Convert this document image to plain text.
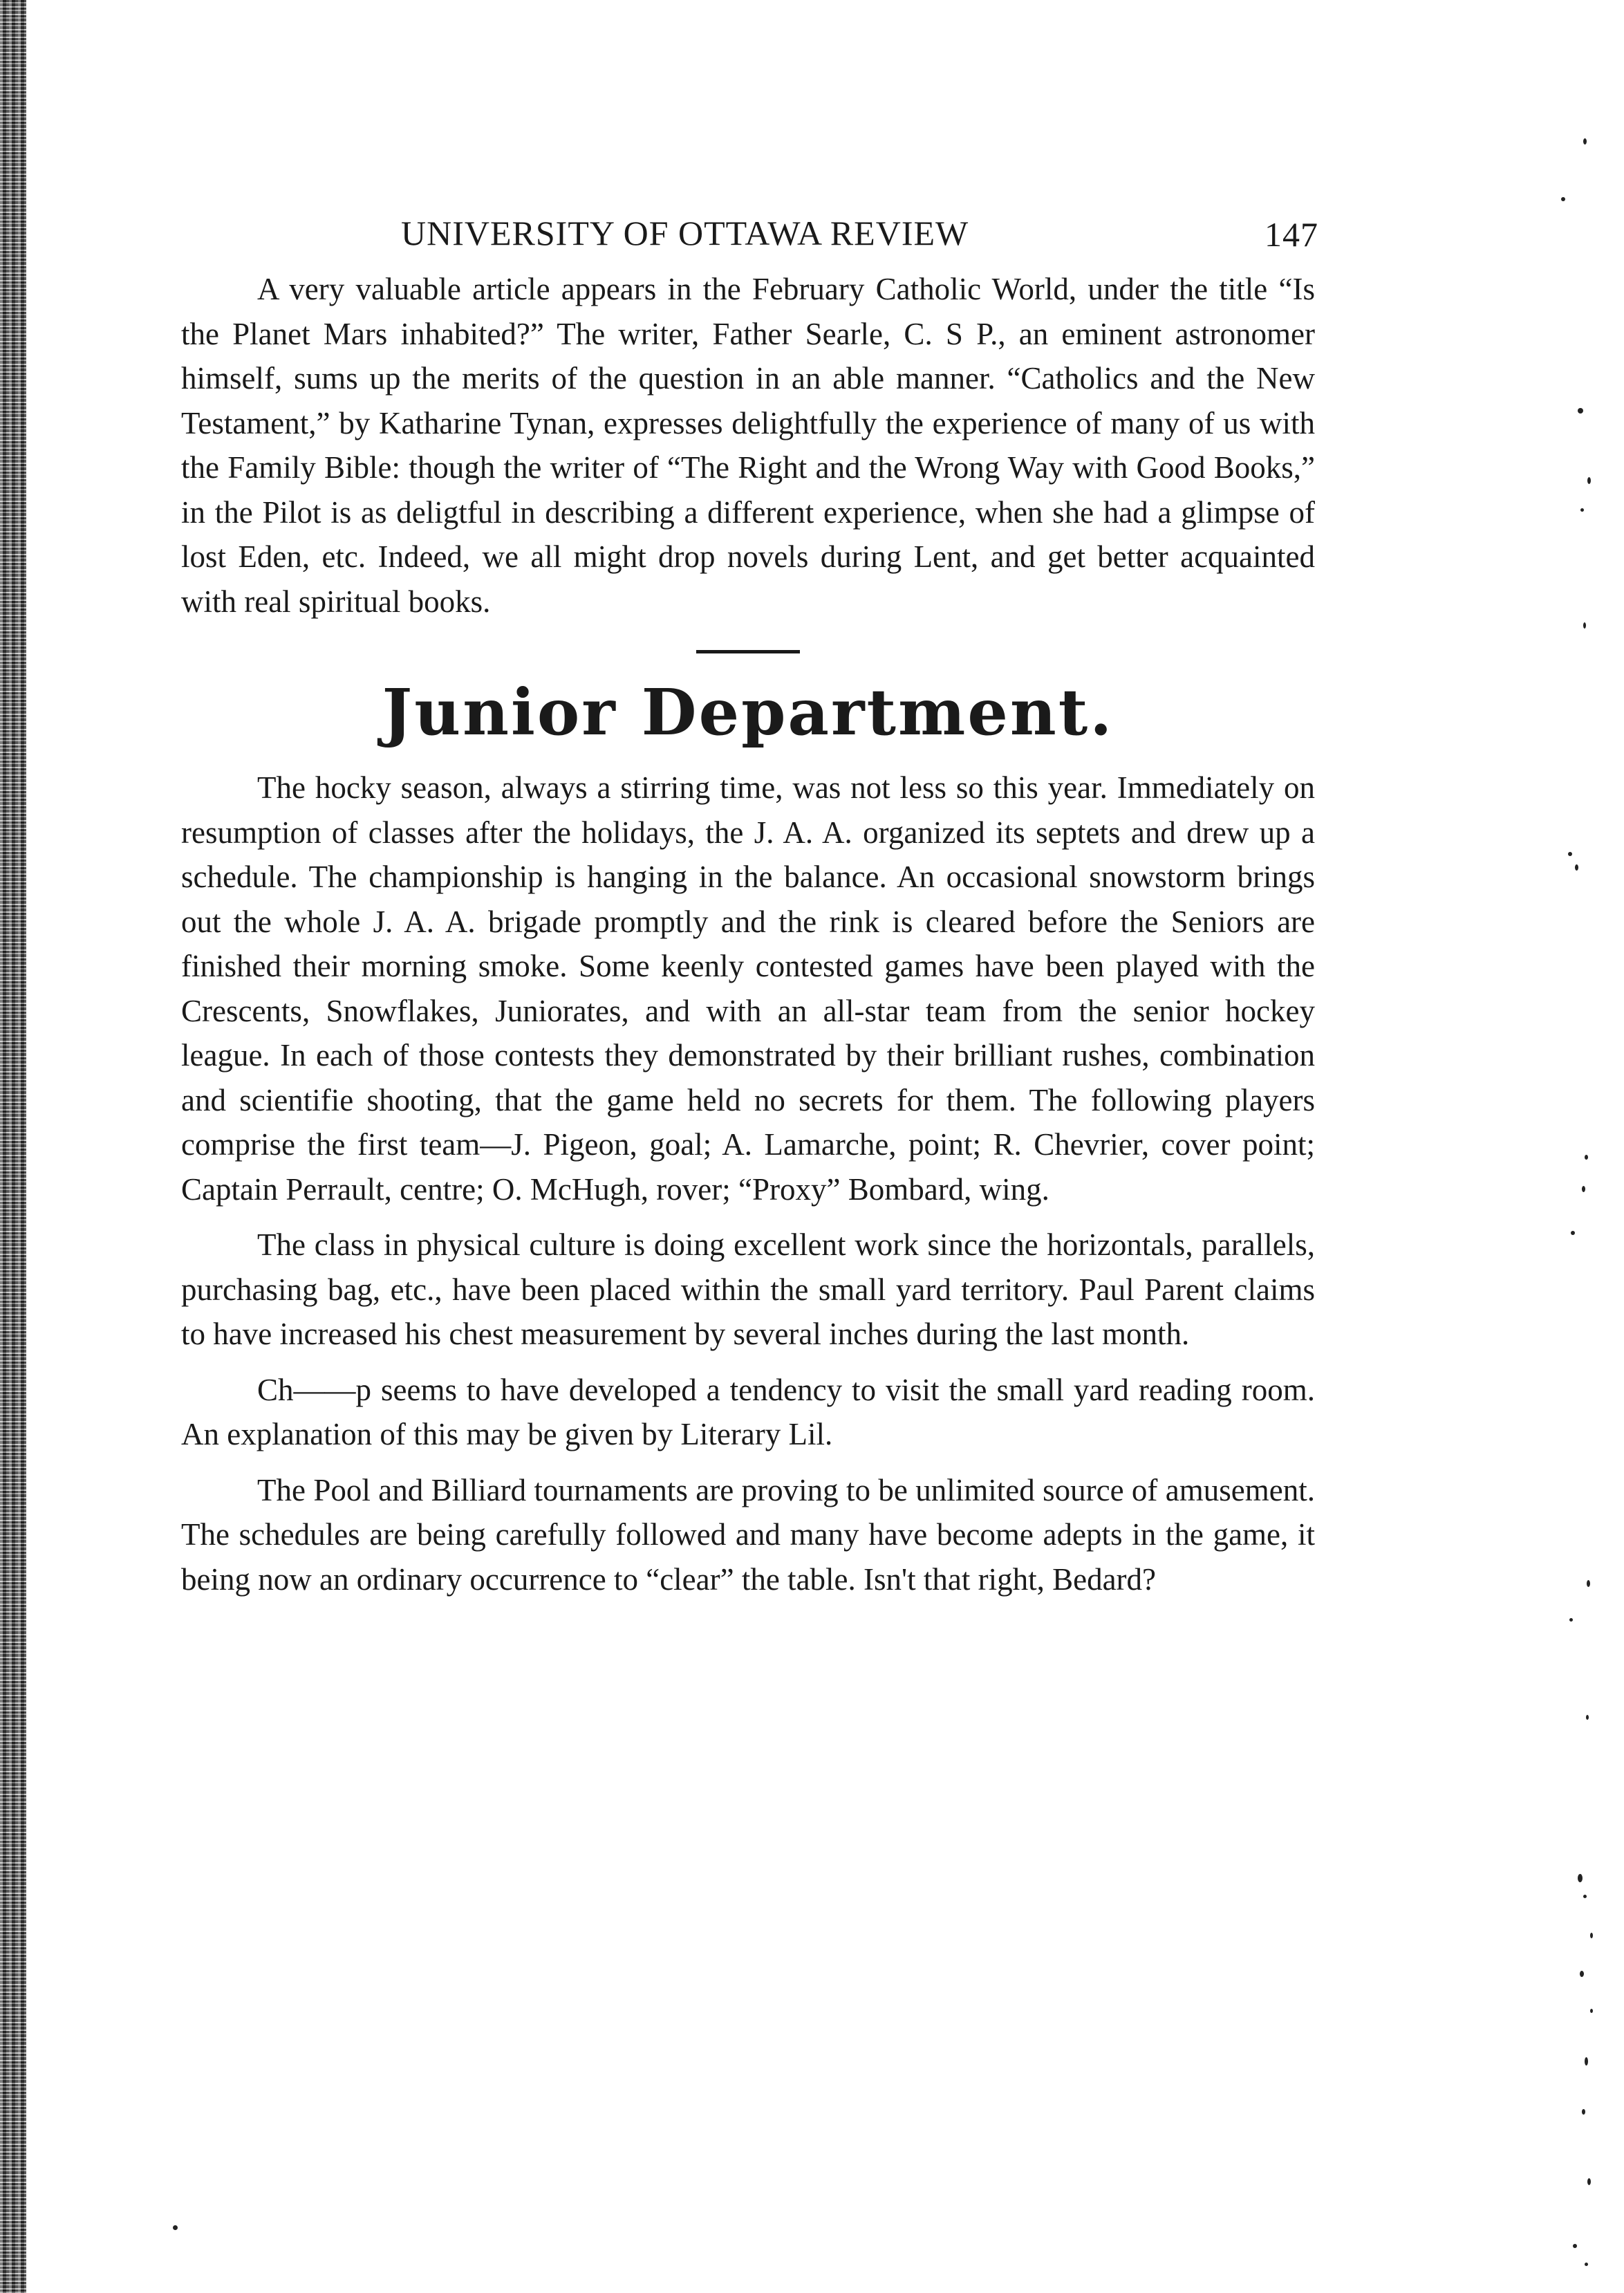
UNIVERSITY OF OTTAWA REVIEW	147

A very valuable article appears in the February Catholic World, under the title “Is the Planet Mars inhabited?” The writer, Father Searle, C. S P., an eminent astronomer himself, sums up the merits of the question in an able manner. “Catholics and the New Testament,” by Katharine Tynan, expresses delightfully the experience of many of us with the Family Bible: though the writer of “The Right and the Wrong Way with Good Books,” in the Pilot is as deligtful in describing a different experience, when she had a glimpse of lost Eden, etc. Indeed, we all might drop novels during Lent, and get better acquainted with real spiritual books.

Junior Department.

The hocky season, always a stirring time, was not less so this year. Immediately on resumption of classes after the holidays, the J. A. A. organized its septets and drew up a schedule. The championship is hanging in the balance. An occasional snowstorm brings out the whole J. A. A. brigade promptly and the rink is cleared before the Seniors are finished their morning smoke. Some keenly contested games have been played with the Crescents, Snowflakes, Juniorates, and with an all-star team from the senior hockey league. In each of those contests they demonstrated by their brilliant rushes, combination and scientifie shooting, that the game held no secrets for them. The following players comprise the first team—J. Pigeon, goal; A. Lamarche, point; R. Chevrier, cover point; Captain Perrault, centre; O. McHugh, rover; “Proxy” Bombard, wing.

The class in physical culture is doing excellent work since the horizontals, parallels, purchasing bag, etc., have been placed within the small yard territory. Paul Parent claims to have increased his chest measurement by several inches during the last month.

Ch——p seems to have developed a tendency to visit the small yard reading room. An explanation of this may be given by Literary Lil.

The Pool and Billiard tournaments are proving to be unlimited source of amusement. The schedules are being carefully followed and many have become adepts in the game, it being now an ordinary occurrence to “clear” the table. Isn't that right, Bedard?
